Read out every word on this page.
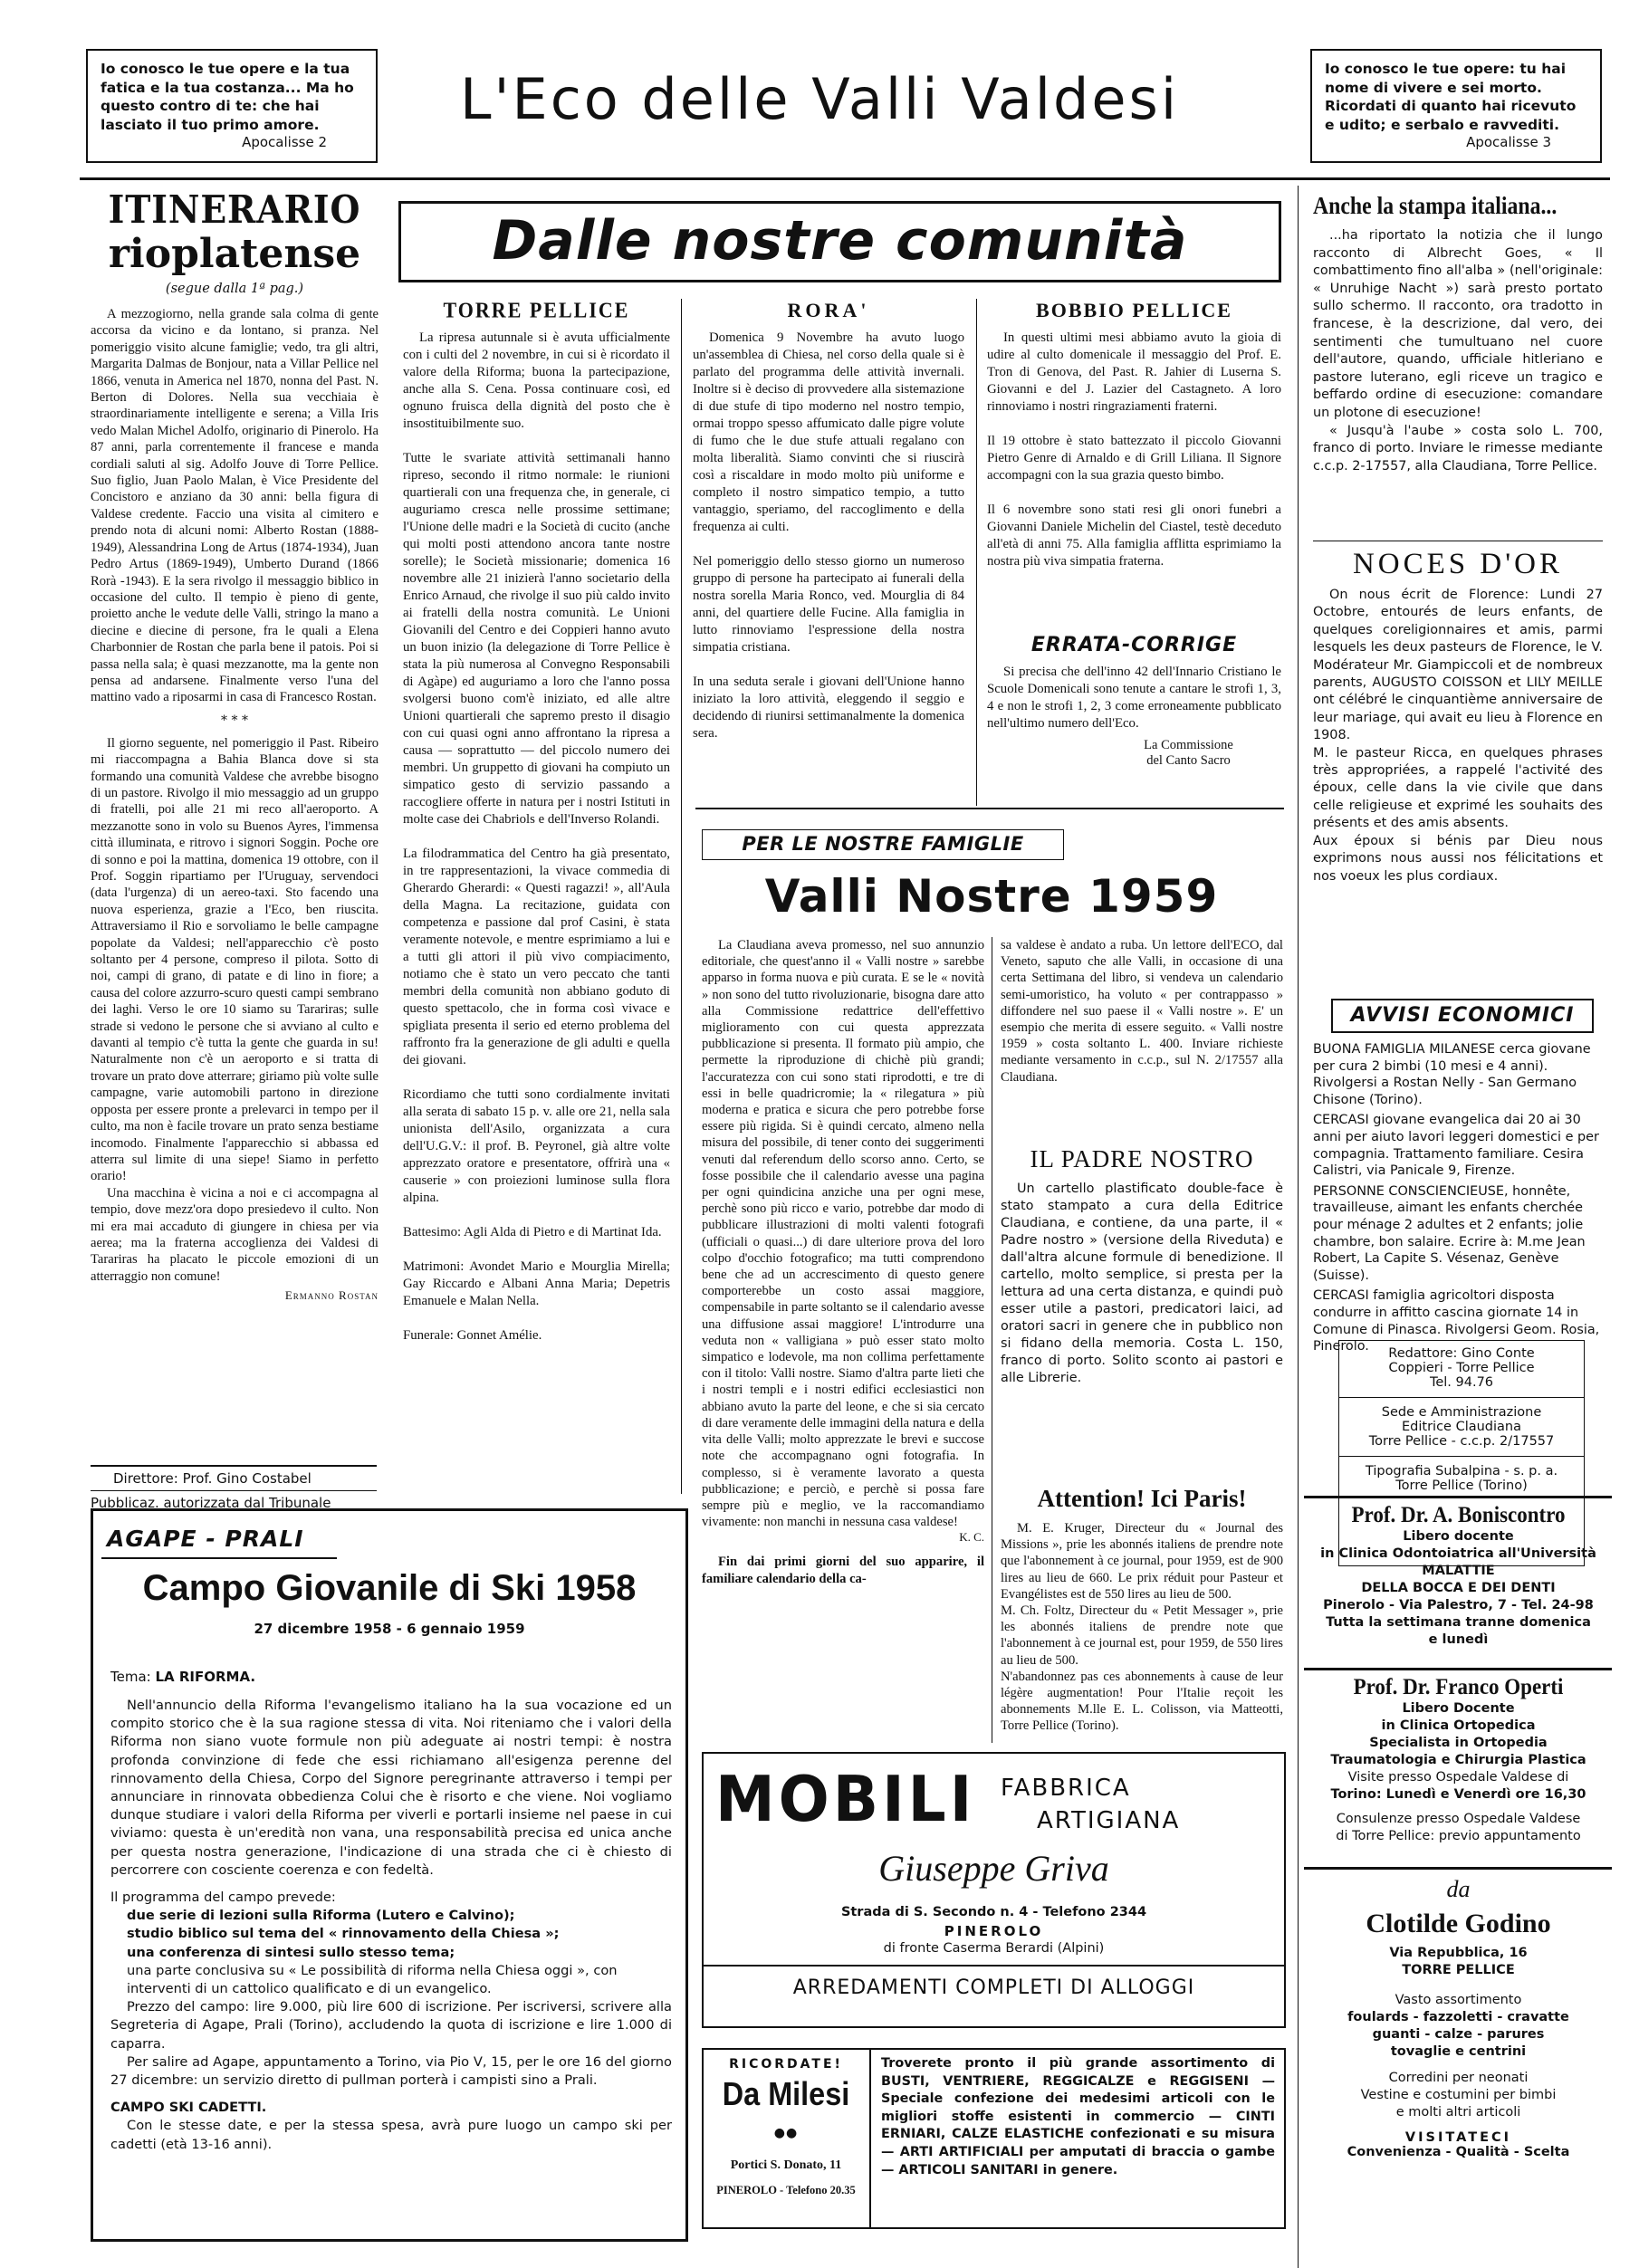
Io conosco le tue opere e la tua fatica e la tua costanza... Ma ho questo contro di te: che hai lasciato il tuo primo amore.
Apocalisse 2
L'Eco delle Valli Valdesi	Io conosco le tue opere: tu hai nome di vivere e sei morto. Ricordati di quanto hai ricevuto e udito; e serbalo e ravvediti.
Apocalisse 3
ITINERARIO
rioplatense
(segue dalla 1ª pag.)
A mezzogiorno, nella grande sala colma di gente accorsa da vicino e da lontano, si pranza. Nel pomeriggio visito alcune famiglie; vedo, tra gli altri, Margarita Dalmas de Bonjour, nata a Villar Pellice nel 1866, venuta in America nel 1870, nonna del Past. N. Berton di Dolores. Nella sua vecchiaia è straordinariamente intelligente e serena; a Villa Iris vedo Malan Michel Adolfo, originario di Pinerolo. Ha 87 anni, parla correntemente il francese e manda cordiali saluti al sig. Adolfo Jouve di Torre Pellice. Suo figlio, Juan Paolo Malan, è Vice Presidente del Concistoro e anziano da 30 anni: bella figura di Valdese credente. Faccio una visita al cimitero e prendo nota di alcuni nomi: Alberto Rostan (1888-1949), Alessandrina Long de Artus (1874-1934), Juan Pedro Artus (1869-1949), Umberto Durand (1866 Rorà -1943). E la sera rivolgo il messaggio biblico in occasione del culto. Il tempio è pieno di gente, proietto anche le vedute delle Valli, stringo la mano a diecine e diecine di persone, fra le quali a Elena Charbonnier de Rostan che parla bene il patois. Poi si passa nella sala; è quasi mezzanotte, ma la gente non pensa ad andarsene. Finalmente verso l'una del mattino vado a riposarmi in casa di Francesco Rostan.
* * *
Il giorno seguente, nel pomeriggio il Past. Ribeiro mi riaccompagna a Bahia Blanca dove si sta formando una comunità Valdese che avrebbe bisogno di un pastore. Rivolgo il mio messaggio ad un gruppo di fratelli, poi alle 21 mi reco all'aeroporto. A mezzanotte sono in volo su Buenos Ayres, l'immensa città illuminata, e ritrovo i signori Soggin. Poche ore di sonno e poi la mattina, domenica 19 ottobre, con il Prof. Soggin ripartiamo per l'Uruguay, servendoci (data l'urgenza) di un aereo-taxi. Sto facendo una nuova esperienza, grazie a l'Eco, ben riuscita. Attraversiamo il Rio e sorvoliamo le belle campagne popolate da Valdesi; nell'apparecchio c'è posto soltanto per 4 persone, compreso il pilota. Sotto di noi, campi di grano, di patate e di lino in fiore; a causa del colore azzurro-scuro questi campi sembrano dei laghi. Verso le ore 10 siamo su Tarariras; sulle strade si vedono le persone che si avviano al culto e davanti al tempio c'è tutta la gente che guarda in su! Naturalmente non c'è un aeroporto e si tratta di trovare un prato dove atterrare; giriamo più volte sulle campagne, varie automobili partono in direzione opposta per essere pronte a prelevarci in tempo per il culto, ma non è facile trovare un prato senza bestiame incomodo. Finalmente l'apparecchio si abbassa ed atterra sul limite di una siepe! Siamo in perfetto orario!
Una macchina è vicina a noi e ci accompagna al tempio, dove mezz'ora dopo presiedevo il culto. Non mi era mai accaduto di giungere in chiesa per via aerea; ma la fraterna accoglienza dei Valdesi di Tarariras ha placato le piccole emozioni di un atterraggio non comune!
Ermanno Rostan
Direttore: Prof. Gino Costabel
Pubblicaz. autorizzata dal Tribunale
Dalle nostre comunità
TORRE PELLICE
La ripresa autunnale si è avuta ufficialmente con i culti del 2 novembre, in cui si è ricordato il valore della Riforma; buona la partecipazione, anche alla S. Cena. Possa continuare così, ed ognuno fruisca della dignità del posto che è insostituibilmente suo.

Tutte le svariate attività settimanali hanno ripreso, secondo il ritmo normale: le riunioni quartierali con una frequenza che, in generale, ci auguriamo cresca nelle prossime settimane; l'Unione delle madri e la Società di cucito (anche qui molti posti attendono ancora tante nostre sorelle); le Società missionarie; domenica 16 novembre alle 21 inizierà l'anno societario della Enrico Arnaud, che rivolge il suo più caldo invito ai fratelli della nostra comunità. Le Unioni Giovanili del Centro e dei Coppieri hanno avuto un buon inizio (la delegazione di Torre Pellice è stata la più numerosa al Convegno Responsabili di Agàpe) ed auguriamo a loro che l'anno possa svolgersi buono com'è iniziato, ed alle altre Unioni quartierali che sapremo presto il disagio con cui quasi ogni anno affrontano la ripresa a causa — soprattutto — del piccolo numero dei membri. Un gruppetto di giovani ha compiuto un simpatico gesto di servizio passando a raccogliere offerte in natura per i nostri Istituti in molte case dei Chabriols e dell'Inverso Rolandi.

La filodrammatica del Centro ha già presentato, in tre rappresentazioni, la vivace commedia di Gherardo Gherardi: « Questi ragazzi! », all'Aula della Magna. La recitazione, guidata con competenza e passione dal prof Casini, è stata veramente notevole, e mentre esprimiamo a lui e a tutti gli attori il più vivo compiacimento, notiamo che è stato un vero peccato che tanti membri della comunità non abbiano goduto di questo spettacolo, che in forma così vivace e spigliata presenta il serio ed eterno problema del raffronto fra la generazione de gli adulti e quella dei giovani.

Ricordiamo che tutti sono cordialmente invitati alla serata di sabato 15 p. v. alle ore 21, nella sala unionista dell'Asilo, organizzata a cura dell'U.G.V.: il prof. B. Peyronel, già altre volte apprezzato oratore e presentatore, offrirà una « causerie » con proiezioni luminose sulla flora alpina.

Battesimo: Agli Alda di Pietro e di Martinat Ida.

Matrimoni: Avondet Mario e Mourglia Mirella; Gay Riccardo e Albani Anna Maria; Depetris Emanuele e Malan Nella.

Funerale: Gonnet Amélie.
RORA'
Domenica 9 Novembre ha avuto luogo un'assemblea di Chiesa, nel corso della quale si è parlato del programma delle attività invernali. Inoltre si è deciso di provvedere alla sistemazione di due stufe di tipo moderno nel nostro tempio, ormai troppo spesso affumicato dalle pigre volute di fumo che le due stufe attuali regalano con molta liberalità. Siamo convinti che si riuscirà così a riscaldare in modo molto più uniforme e completo il nostro simpatico tempio, a tutto vantaggio, speriamo, del raccoglimento e della frequenza ai culti.

Nel pomeriggio dello stesso giorno un numeroso gruppo di persone ha partecipato ai funerali della nostra sorella Maria Ronco, ved. Mourglia di 84 anni, del quartiere delle Fucine. Alla famiglia in lutto rinnoviamo l'espressione della nostra simpatia cristiana.

In una seduta serale i giovani dell'Unione hanno iniziato la loro attività, eleggendo il seggio e decidendo di riunirsi settimanalmente la domenica sera.
BOBBIO PELLICE
In questi ultimi mesi abbiamo avuto la gioia di udire al culto domenicale il messaggio del Prof. E. Tron di Genova, del Past. R. Jahier di Luserna S. Giovanni e del J. Lazier del Castagneto. A loro rinnoviamo i nostri ringraziamenti fraterni.

Il 19 ottobre è stato battezzato il piccolo Giovanni Pietro Genre di Arnaldo e di Grill Liliana. Il Signore accompagni con la sua grazia questo bimbo.

Il 6 novembre sono stati resi gli onori funebri a Giovanni Daniele Michelin del Ciastel, testè deceduto all'età di anni 75. Alla famiglia afflitta esprimiamo la nostra più viva simpatia fraterna.
ERRATA-CORRIGE
Si precisa che dell'inno 42 dell'Innario Cristiano le Scuole Domenicali sono tenute a cantare le strofi 1, 3, 4 e non le strofi 1, 2, 3 come erroneamente pubblicato nell'ultimo numero dell'Eco.
La Commissione
del Canto Sacro
PER LE NOSTRE FAMIGLIE
Valli Nostre 1959
La Claudiana aveva promesso, nel suo annunzio editoriale, che quest'anno il « Valli nostre » sarebbe apparso in forma nuova e più curata. E se le « novità » non sono del tutto rivoluzionarie, bisogna dare atto alla Commissione redattrice dell'effettivo miglioramento con cui questa apprezzata pubblicazione si presenta. Il formato più ampio, che permette la riproduzione di chichè più grandi; l'accuratezza con cui sono stati riprodotti, e tre di essi in belle quadricromie; la « rilegatura » più moderna e pratica e sicura che pero potrebbe forse essere più rigida. Si è quindi cercato, almeno nella misura del possibile, di tener conto dei suggerimenti venuti dal referendum dello scorso anno. Certo, se fosse possibile che il calendario avesse una pagina per ogni quindicina anziche una per ogni mese, perchè sono più ricco e vario, potrebbe dar modo di pubblicare illustrazioni di molti valenti fotografi (ufficiali o quasi...) di dare ulteriore prova del loro colpo d'occhio fotografico; ma tutti comprendono bene che ad un accrescimento di questo genere comporterebbe un costo assai maggiore, compensabile in parte soltanto se il calendario avesse una diffusione assai maggiore! L'introdurre una veduta non « valligiana » può esser stato molto simpatico e lodevole, ma non collima perfettamente con il titolo: Valli nostre. Siamo d'altra parte lieti che i nostri templi e i nostri edifici ecclesiastici non abbiano avuto la parte del leone, e che si sia cercato di dare veramente delle immagini della natura e della vita delle Valli; molto apprezzate le brevi e succose note che accompagnano ogni fotografia. In complesso, si è veramente lavorato a questa pubblicazione; e perciò, e perchè si possa fare sempre più e meglio, ve la raccomandiamo vivamente: non manchi in nessuna casa valdese!
K. C.
Fin dai primi giorni del suo apparire, il familiare calendario della ca-
sa valdese è andato a ruba. Un lettore dell'ECO, dal Veneto, saputo che alle Valli, in occasione di una certa Settimana del libro, si vendeva un calendario semi-umoristico, ha voluto « per contrappasso » diffondere nel suo paese il « Valli nostre ». E' un esempio che merita di essere seguito. « Valli nostre 1959 » costa soltanto L. 400. Inviare richieste mediante versamento in c.c.p., sul N. 2/17557 alla Claudiana.
IL PADRE NOSTRO
Un cartello plastificato double-face è stato stampato a cura della Editrice Claudiana, e contiene, da una parte, il « Padre nostro » (versione della Riveduta) e dall'altra alcune formule di benedizione. Il cartello, molto semplice, si presta per la lettura ad una certa distanza, e quindi può esser utile a pastori, predicatori laici, ad oratori sacri in genere che in pubblico non si fidano della memoria. Costa L. 150, franco di porto. Solito sconto ai pastori e alle Librerie.
Attention! Ici Paris!
M. E. Kruger, Directeur du « Journal des Missions », prie les abonnés italiens de prendre note que l'abonnement à ce journal, pour 1959, est de 900 lires au lieu de 660. Le prix réduit pour Pasteur et Evangélistes est de 550 lires au lieu de 500.
M. Ch. Foltz, Directeur du « Petit Messager », prie les abonnés italiens de prendre note que l'abonnement à ce journal est, pour 1959, de 550 lires au lieu de 500.
N'abandonnez pas ces abonnements à cause de leur légère augmentation! Pour l'Italie reçoit les abonnements M.lle E. L. Colisson, via Matteotti, Torre Pellice (Torino).
Anche la stampa italiana...
...ha riportato la notizia che il lungo racconto di Albrecht Goes, « Il combattimento fino all'alba » (nell'originale: « Unruhige Nacht ») sarà presto portato sullo schermo. Il racconto, ora tradotto in francese, è la descrizione, dal vero, dei sentimenti che tumultuano nel cuore dell'autore, quando, ufficiale hitleriano e pastore luterano, egli riceve un tragico e beffardo ordine di esecuzione: comandare un plotone di esecuzione!
« Jusqu'à l'aube » costa solo L. 700, franco di porto. Inviare le rimesse mediante c.c.p. 2-17557, alla Claudiana, Torre Pellice.
NOCES D'OR
On nous écrit de Florence: Lundi 27 Octobre, entourés de leurs enfants, de quelques coreligionnaires et amis, parmi lesquels les deux pasteurs de Florence, le V. Modérateur Mr. Giampiccoli et de nombreux parents, AUGUSTO COISSON et LILY MEILLE ont célébré le cinquantième anniversaire de leur mariage, qui avait eu lieu à Florence en 1908.
M. le pasteur Ricca, en quelques phrases très appropriées, a rappelé l'activité des époux, celle dans la vie civile que dans celle religieuse et exprimé les souhaits des présents et des amis absents.
Aux époux si bénis par Dieu nous exprimons nous aussi nos félicitations et nos voeux les plus cordiaux.
AVVISI ECONOMICI
BUONA FAMIGLIA MILANESE cerca giovane per cura 2 bimbi (10 mesi e 4 anni). Rivolgersi a Rostan Nelly - San Germano Chisone (Torino).
CERCASI giovane evangelica dai 20 ai 30 anni per aiuto lavori leggeri domestici e per compagnia. Trattamento familiare. Cesira Calistri, via Panicale 9, Firenze.
PERSONNE CONSCIENCIEUSE, honnête, travailleuse, aimant les enfants cherchée pour ménage 2 adultes et 2 enfants; jolie chambre, bon salaire. Ecrire à: M.me Jean Robert, La Capite S. Vésenaz, Genève (Suisse).
CERCASI famiglia agricoltori disposta condurre in affitto cascina giornate 14 in Comune di Pinasca. Rivolgersi Geom. Rosia, Pinerolo.	Redattore: Gino Conte
Coppieri - Torre Pellice
Tel. 94.76
Sede e Amministrazione
Editrice Claudiana
Torre Pellice - c.c.p. 2/17557
Tipografia Subalpina - s. p. a.
Torre Pellice (Torino)
Prof. Dr. A. Boniscontro
Libero docente
in Clinica Odontoiatrica all'Università
MALATTIE
DELLA BOCCA E DEI DENTI
Pinerolo - Via Palestro, 7 - Tel. 24-98
Tutta la settimana tranne domenica
e lunedì
Prof. Dr. Franco Operti
Libero Docente
in Clinica Ortopedica
Specialista in Ortopedia
Traumatologia e Chirurgia Plastica
Visite presso Ospedale Valdese di
Torino: Lunedì e Venerdì ore 16,30
Consulenze presso Ospedale Valdese
di Torre Pellice: previo appuntamento
da
Clotilde Godino
Via Repubblica, 16
TORRE PELLICE
Vasto assortimento
foulards - fazzoletti - cravatte
guanti - calze - parures
tovaglie e centrini
Corredini per neonati
Vestine e costumini per bimbi
e molti altri articoli
VISITATECI
Convenienza - Qualità - Scelta
AGAPE - PRALI
Campo Giovanile di Ski 1958
27 dicembre 1958 - 6 gennaio 1959
Tema: LA RIFORMA.
Nell'annuncio della Riforma l'evangelismo italiano ha la sua vocazione ed un compito storico che è la sua ragione stessa di vita. Noi riteniamo che i valori della Riforma non siano vuote formule non più adeguate ai nostri tempi: è nostra profonda convinzione di fede che essi richiamano all'esigenza perenne del rinnovamento della Chiesa, Corpo del Signore peregrinante attraverso i tempi per annunciare in rinnovata obbedienza Colui che è risorto e che viene. Noi vogliamo dunque studiare i valori della Riforma per viverli e portarli insieme nel paese in cui viviamo: questa è un'eredità non vana, una responsabilità precisa ed unica anche per questa nostra generazione, l'indicazione di una strada che ci è chiesto di percorrere con cosciente coerenza e con fedeltà.
Il programma del campo prevede:
due serie di lezioni sulla Riforma (Lutero e Calvino);
studio biblico sul tema del « rinnovamento della Chiesa »;
una conferenza di sintesi sullo stesso tema;
una parte conclusiva su « Le possibilità di riforma nella Chiesa oggi », con interventi di un cattolico qualificato e di un evangelico.
Prezzo del campo: lire 9.000, più lire 600 di iscrizione. Per iscriversi, scrivere alla Segreteria di Agape, Prali (Torino), accludendo la quota di iscrizione e lire 1.000 di caparra.
Per salire ad Agape, appuntamento a Torino, via Pio V, 15, per le ore 16 del giorno 27 dicembre: un servizio diretto di pullman porterà i campisti sino a Prali.
CAMPO SKI CADETTI.
Con le stesse date, e per la stessa spesa, avrà pure luogo un campo ski per cadetti (età 13-16 anni).
MOBILI FABBRICA
ARTIGIANA
Giuseppe Griva
Strada di S. Secondo n. 4 - Telefono 2344
PINEROLO
di fronte Caserma Berardi (Alpini)
ARREDAMENTI COMPLETI DI ALLOGGI
RICORDATE!
Da Milesi
●●
Portici S. Donato, 11
PINEROLO - Telefono 20.35
Troverete pronto il più grande assortimento di BUSTI, VENTRIERE, REGGICALZE e REGGISENI — Speciale confezione dei medesimi articoli con le migliori stoffe esistenti in commercio — CINTI ERNIARI, CALZE ELASTICHE confezionati e su misura — ARTI ARTIFICIALI per amputati di braccia o gambe — ARTICOLI SANITARI in genere.
